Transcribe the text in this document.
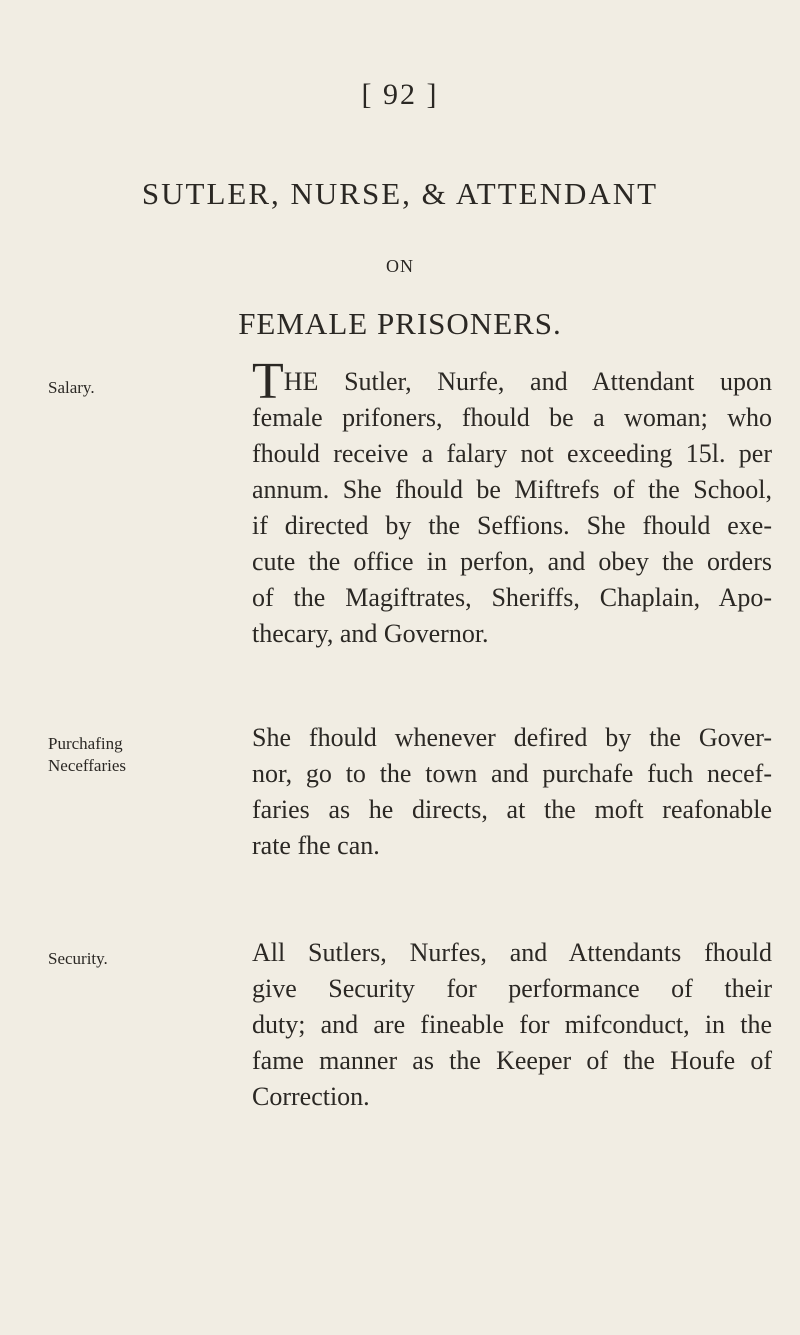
[ 92 ]
SUTLER, NURSE, & ATTENDANT
ON
FEMALE PRISONERS.
Salary.	THE Sutler, Nurfe, and Attendant upon
female prifoners, fhould be a woman; who
fhould receive a falary not exceeding 15l. per
annum. She fhould be Miftrefs of the School,
if directed by the Seffions. She fhould exe-
cute the office in perfon, and obey the orders
of the Magiftrates, Sheriffs, Chaplain, Apo-
thecary, and Governor.
Purchafing Neceffaries
She fhould whenever defired by the Gover-
nor, go to the town and purchafe fuch necef-
faries as he directs, at the moft reafonable
rate fhe can.
Security.	All Sutlers, Nurfes, and Attendants fhould
give Security for performance of their
duty; and are fineable for mifconduct, in the
fame manner as the Keeper of the Houfe of
Correction.
